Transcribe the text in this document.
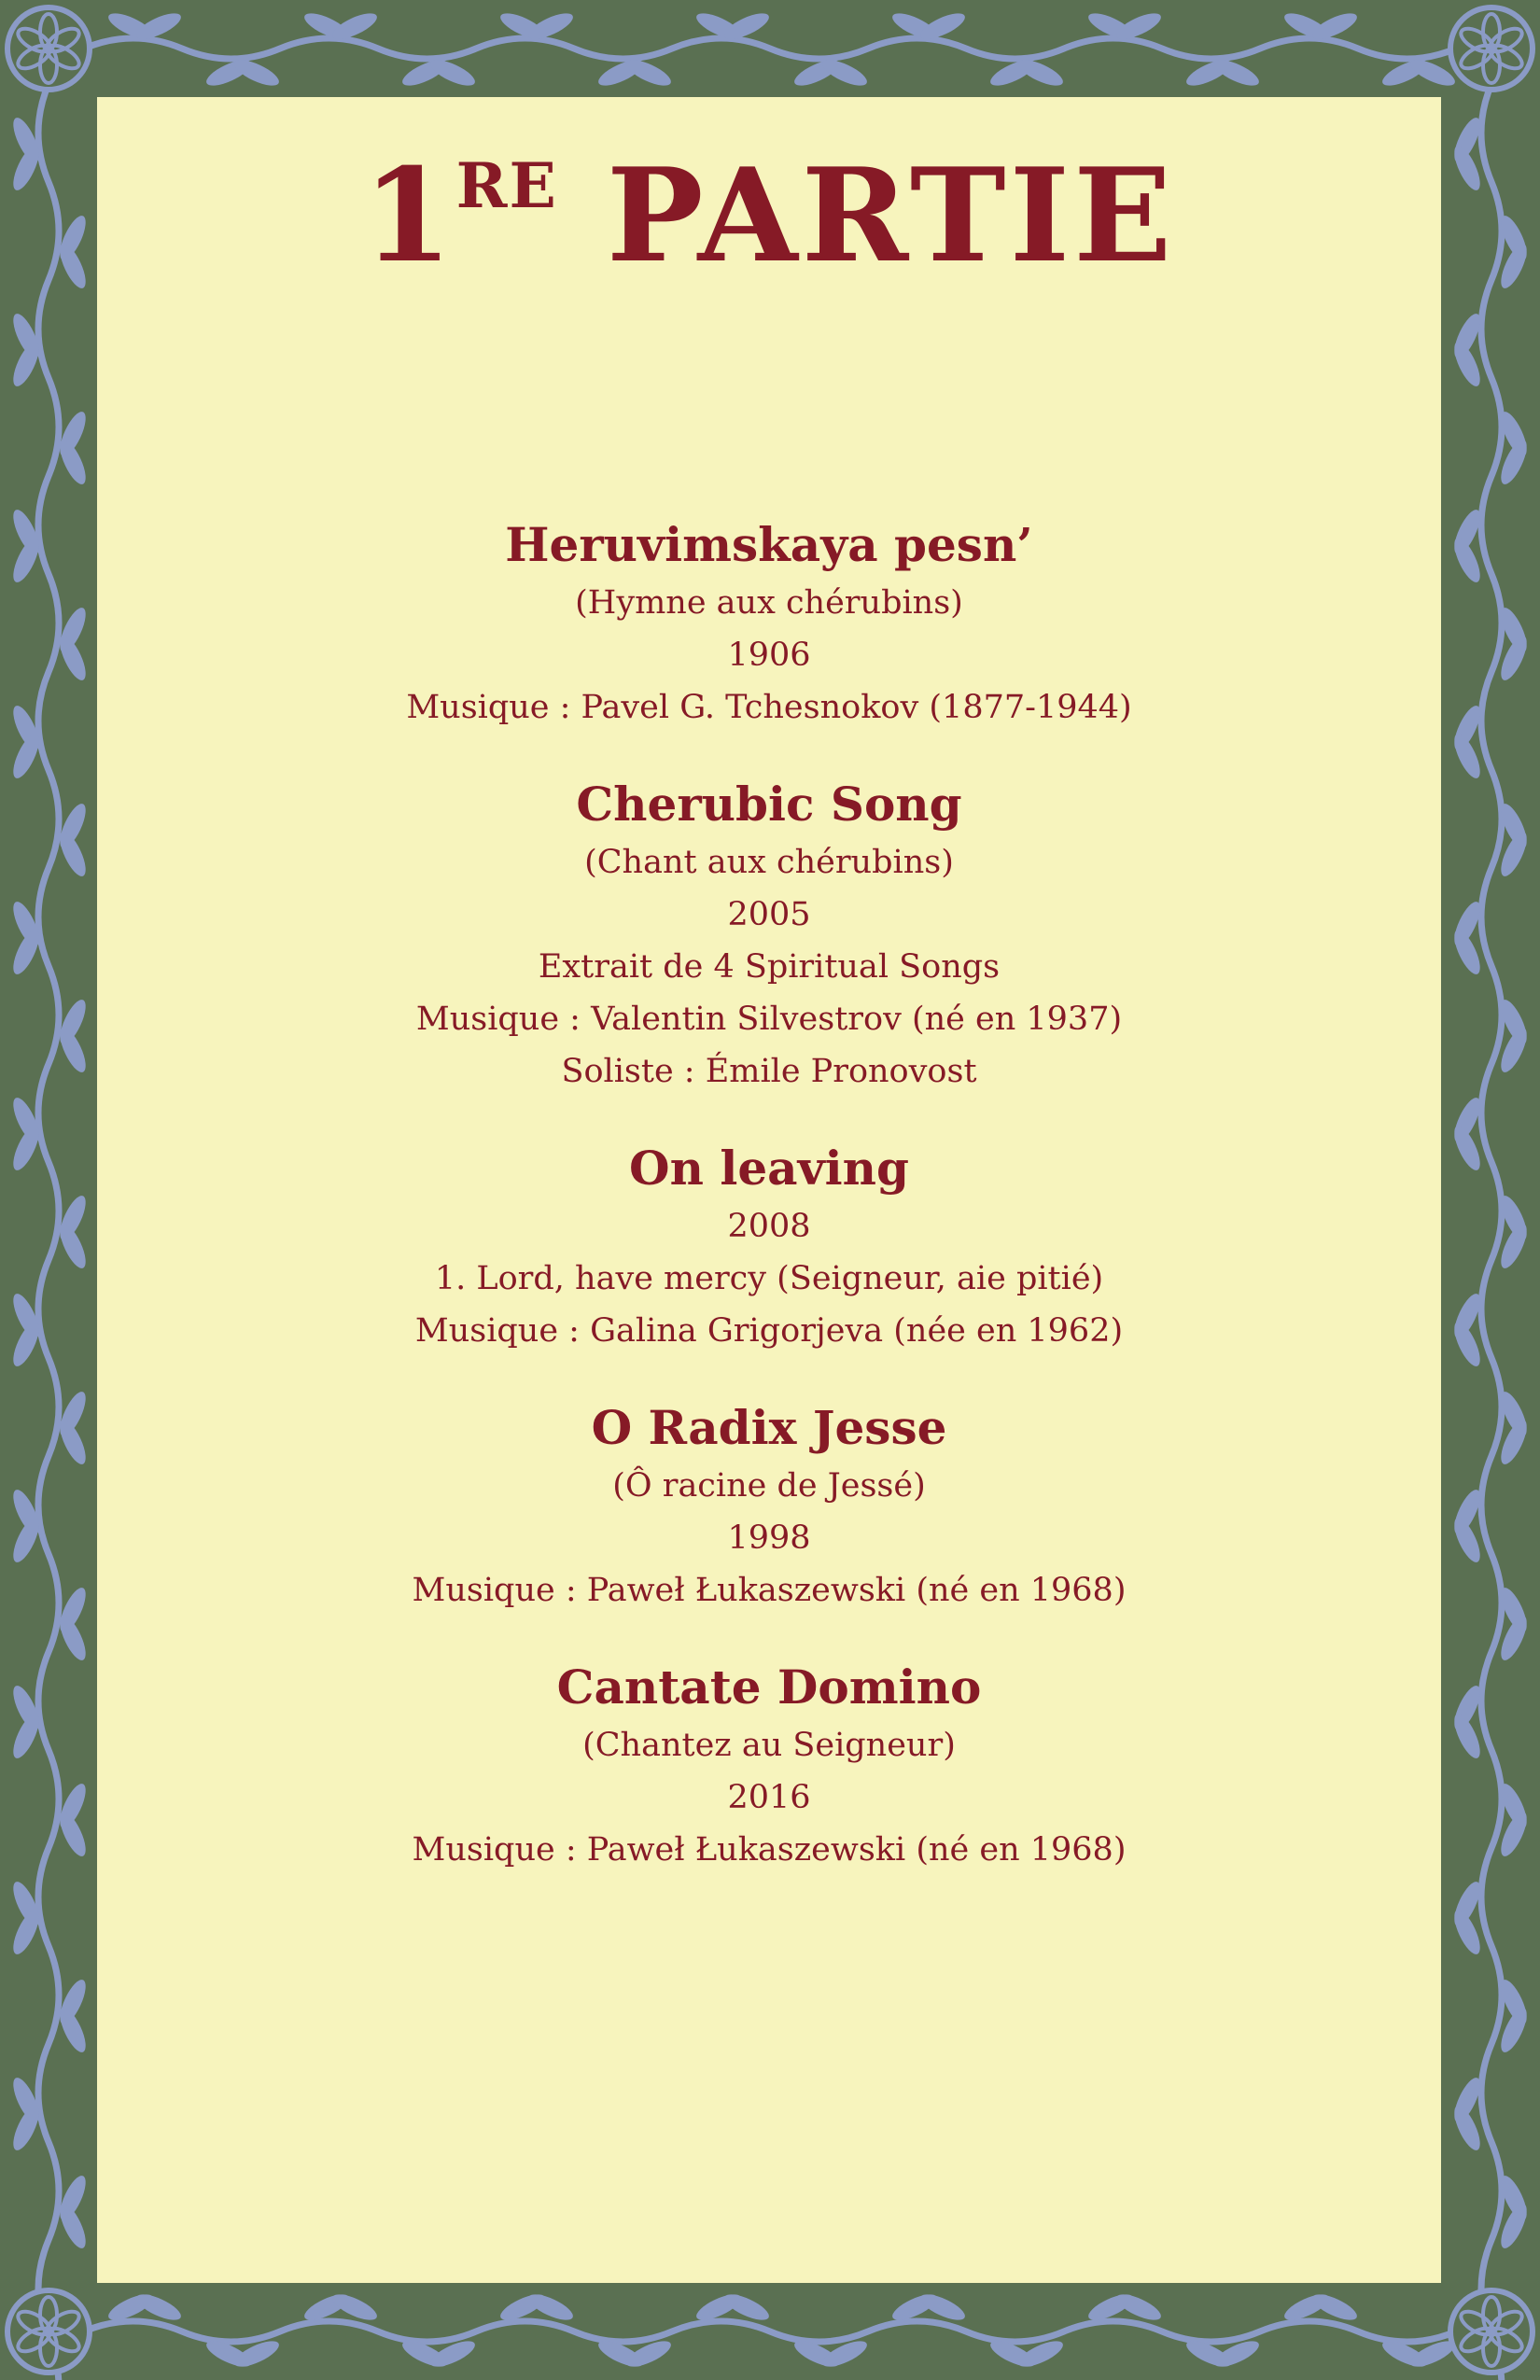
1RE PARTIE
Heruvimskaya pesn’
(Hymne aux chérubins)
1906
Musique : Pavel G. Tchesnokov (1877-1944)
Cherubic Song
(Chant aux chérubins)
2005
Extrait de 4 Spiritual Songs
Musique : Valentin Silvestrov (né en 1937)
Soliste : Émile Pronovost
On leaving
2008
1. Lord, have mercy (Seigneur, aie pitié)
Musique : Galina Grigorjeva (née en 1962)
O Radix Jesse
(Ô racine de Jessé)
1998
Musique : Paweł Łukaszewski (né en 1968)
Cantate Domino
(Chantez au Seigneur)
2016
Musique : Paweł Łukaszewski (né en 1968)
